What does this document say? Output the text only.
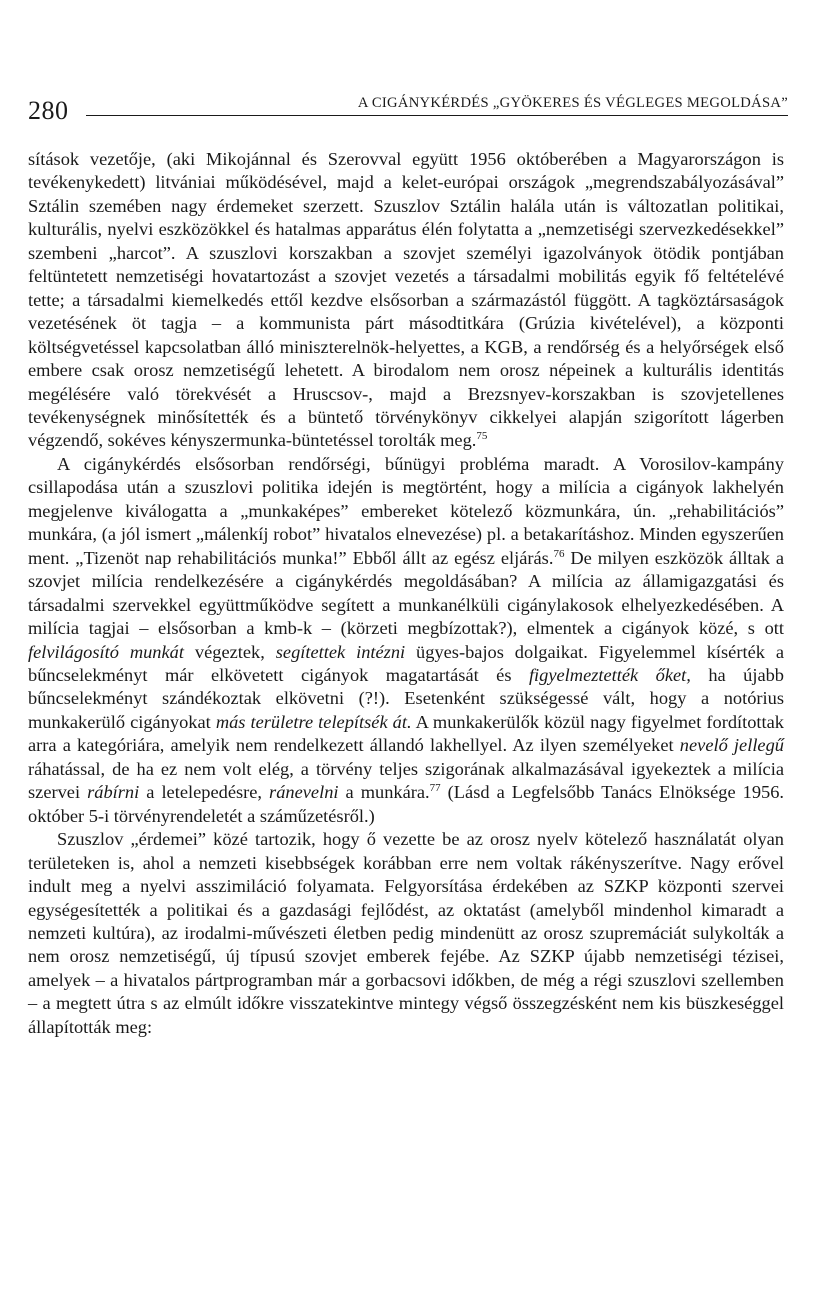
280	A CIGÁNYKÉRDÉS „GYÖKERES ÉS VÉGLEGES MEGOLDÁSA”

sítások vezetője, (aki Mikojánnal és Szerovval együtt 1956 októberében a Magyarországon is tevékenykedett) litvániai működésével, majd a kelet-európai országok „megrendszabályozásával” Sztálin szemében nagy érdemeket szerzett. Szuszlov Sztálin halála után is változatlan politikai, kulturális, nyelvi eszközökkel és hatalmas apparátus élén folytatta a „nemzetiségi szervezkedésekkel” szembeni „harcot”. A szuszlovi korszakban a szovjet személyi igazolványok ötödik pontjában feltüntetett nemzetiségi hovatartozást a szovjet vezetés a társadalmi mobilitás egyik fő feltételévé tette; a társadalmi kiemelkedés ettől kezdve elsősorban a származástól függött. A tagköztársaságok vezetésének öt tagja – a kommunista párt másodtitkára (Grúzia kivételével), a központi költségvetéssel kapcsolatban álló miniszterelnök-helyettes, a KGB, a rendőrség és a helyőrségek első embere csak orosz nemzetiségű lehetett. A birodalom nem orosz népeinek a kulturális identitás megélésére való törekvését a Hruscsov-, majd a Brezsnyev-korszakban is szovjetellenes tevékenységnek minősítették és a büntető törvénykönyv cikkelyei alapján szigorított lágerben végzendő, sokéves kényszermunka-büntetéssel torolták meg.$^{75}$

A cigánykérdés elsősorban rendőrségi, bűnügyi probléma maradt. A Vorosilov-kampány csillapodása után a szuszlovi politika idején is megtörtént, hogy a milícia a cigányok lakhelyén megjelenve kiválogatta a „munkaképes” embereket kötelező közmunkára, ún. „rehabilitációs” munkára, (a jól ismert „málenkíj robot” hivatalos elnevezése) pl. a betakarításhoz. Minden egyszerűen ment. „Tizenöt nap rehabilitációs munka!” Ebből állt az egész eljárás.$^{76}$ De milyen eszközök álltak a szovjet milícia rendelkezésére a cigánykérdés megoldásában? A milícia az államigazgatási és társadalmi szervekkel együttműködve segített a munkanélküli cigánylakosok elhelyezkedésében. A milícia tagjai – elsősorban a kmb-k – (körzeti megbízottak?), elmentek a cigányok közé, s ott felvilágosító munkát végeztek, segítettek intézni ügyes-bajos dolgaikat. Figyelemmel kísérték a bűncselekményt már elkövetett cigányok magatartását és figyelmeztették őket, ha újabb bűncselekményt szándékoztak elkövetni (?!). Esetenként szükségessé vált, hogy a notórius munkakerülő cigányokat más területre telepítsék át. A munkakerülők közül nagy figyelmet fordítottak arra a kategóriára, amelyik nem rendelkezett állandó lakhellyel. Az ilyen személyeket nevelő jellegű ráhatással, de ha ez nem volt elég, a törvény teljes szigorának alkalmazásával igyekeztek a milícia szervei rábírni a letelepedésre, ránevelni a munkára.$^{77}$ (Lásd a Legfelsőbb Tanács Elnöksége 1956. október 5-i törvényrendeletét a száműzetésről.)

Szuszlov „érdemei” közé tartozik, hogy ő vezette be az orosz nyelv kötelező használatát olyan területeken is, ahol a nemzeti kisebbségek korábban erre nem voltak rákényszerítve. Nagy erővel indult meg a nyelvi asszimiláció folyamata. Felgyorsítása érdekében az SZKP központi szervei egységesítették a politikai és a gazdasági fejlődést, az oktatást (amelyből mindenhol kimaradt a nemzeti kultúra), az irodalmi-művészeti életben pedig mindenütt az orosz szupremáciát sulykolták a nem orosz nemzetiségű, új típusú szovjet emberek fejébe. Az SZKP újabb nemzetiségi tézisei, amelyek – a hivatalos pártprogramban már a gorbacsovi időkben, de még a régi szuszlovi szellemben – a megtett útra s az elmúlt időkre visszatekintve mintegy végső összegzésként nem kis büszkeséggel állapították meg:
